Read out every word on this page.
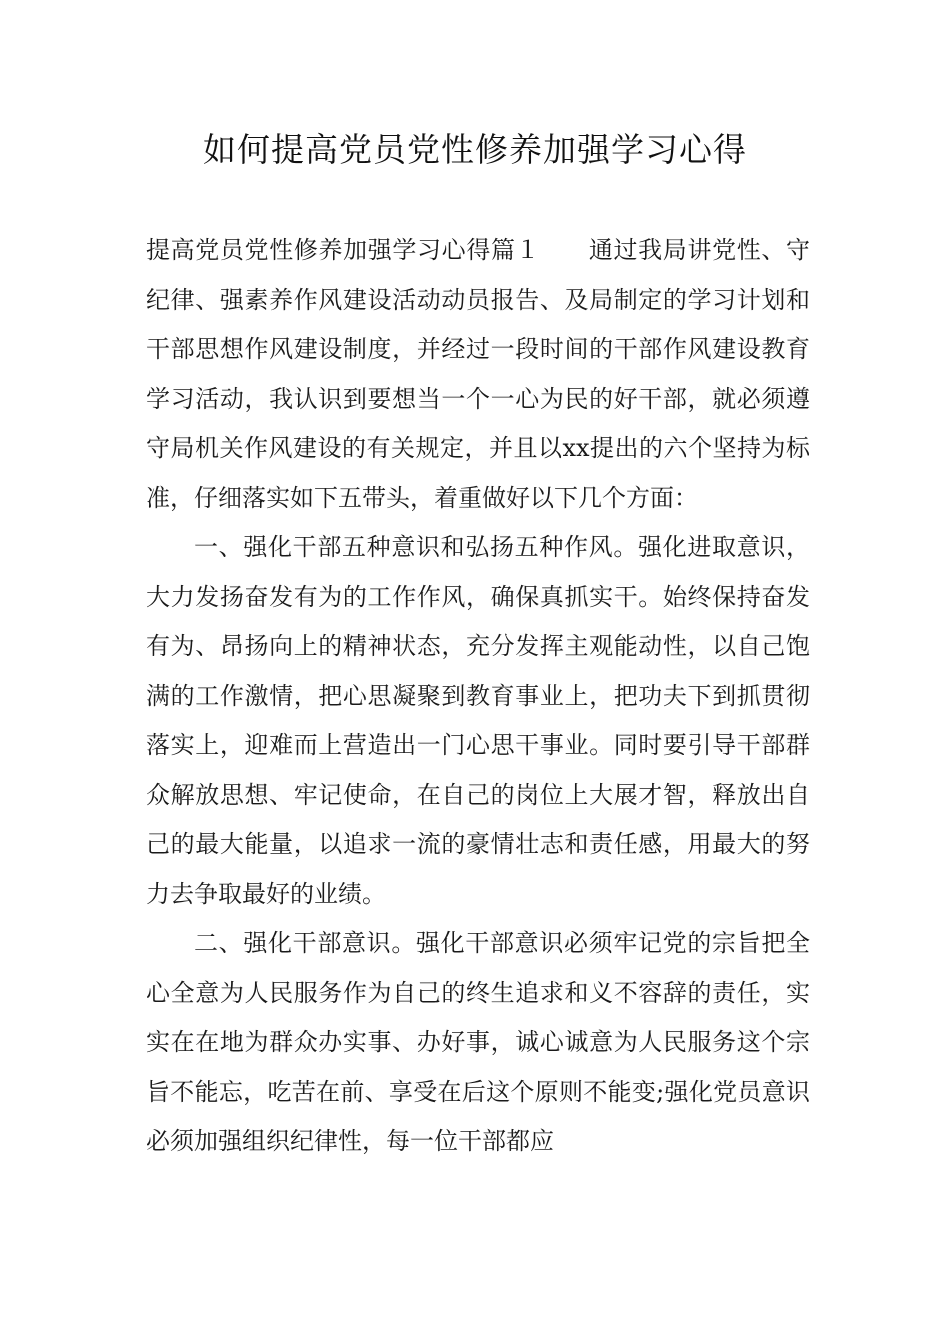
如何提高党员党性修养加强学习心得

提高党员党性修养加强学习心得篇１ 通过我局讲党性、守纪律、强素养作风建设活动动员报告、及局制定的学习计划和干部思想作风建设制度，并经过一段时间的干部作风建设教育学习活动，我认识到要想当一个一心为民的好干部，就必须遵守局机关作风建设的有关规定，并且以xx提出的六个坚持为标准，仔细落实如下五带头，着重做好以下几个方面：

一、强化干部五种意识和弘扬五种作风。强化进取意识，大力发扬奋发有为的工作作风，确保真抓实干。始终保持奋发有为、昂扬向上的精神状态，充分发挥主观能动性，以自己饱满的工作激情，把心思凝聚到教育事业上，把功夫下到抓贯彻落实上，迎难而上营造出一门心思干事业。同时要引导干部群众解放思想、牢记使命，在自己的岗位上大展才智，释放出自己的最大能量，以追求一流的豪情壮志和责任感，用最大的努力去争取最好的业绩。

二、强化干部意识。强化干部意识必须牢记党的宗旨把全心全意为人民服务作为自己的终生追求和义不容辞的责任，实实在在地为群众办实事、办好事，诚心诚意为人民服务这个宗旨不能忘，吃苦在前、享受在后这个原则不能变;强化党员意识必须加强组织纪律性，每一位干部都应
